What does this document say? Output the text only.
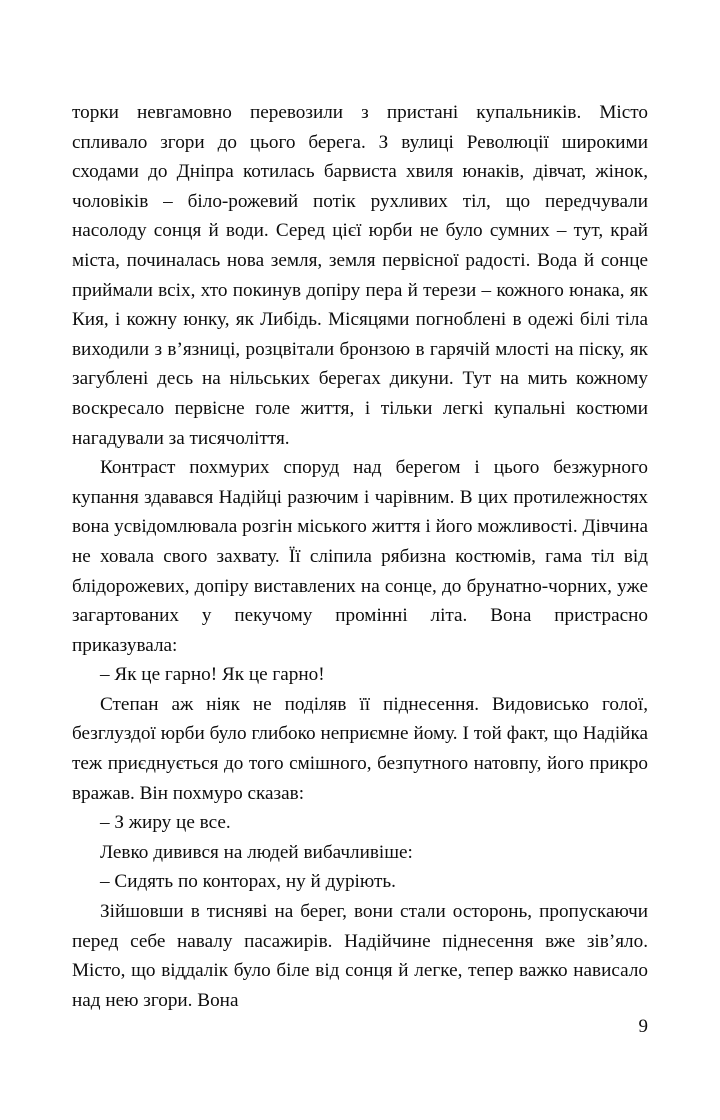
торки невгамовно перевозили з пристані купальників. Місто спливало згори до цього берега. З вулиці Революції широкими сходами до Дніпра котилась барвиста хвиля юнаків, дівчат, жінок, чоловіків – біло-рожевий потік рухливих тіл, що передчували насолоду сонця й води. Серед цієї юрби не було сумних – тут, край міста, починалась нова земля, земля первісної радості. Вода й сонце приймали всіх, хто покинув допіру пера й терези – кожного юнака, як Кия, і кожну юнку, як Либідь. Місяцями погноблені в одежі білі тіла виходили з в’язниці, розцвітали бронзою в гарячій млості на піску, як загублені десь на нільських берегах дикуни. Тут на мить кожному воскресало первісне голе життя, і тільки легкі купальні костюми нагадували за тисячоліття.

Контраст похмурих споруд над берегом і цього безжурного купання здавався Надійці разючим і чарівним. В цих протилежностях вона усвідомлювала розгін міського життя і його можливості. Дівчина не ховала свого захвату. Її сліпила рябизна костюмів, гама тіл від блідорожевих, допіру виставлених на сонце, до брунатно-чорних, уже загартованих у пекучому промінні літа. Вона пристрасно приказувала:

– Як це гарно! Як це гарно!

Степан аж ніяк не поділяв її піднесення. Видовисько голої, безглуздої юрби було глибоко неприємне йому. І той факт, що Надійка теж приєднується до того смішного, безпутного натовпу, його прикро вражав. Він похмуро сказав:

– З жиру це все.

Левко дивився на людей вибачливіше:

– Сидять по конторах, ну й дуріють.

Зійшовши в тисняві на берег, вони стали осторонь, пропускаючи перед себе навалу пасажирів. Надійчине піднесення вже зів’яло. Місто, що віддалік було біле від сонця й легке, тепер важко нависало над нею згори. Вона

9
